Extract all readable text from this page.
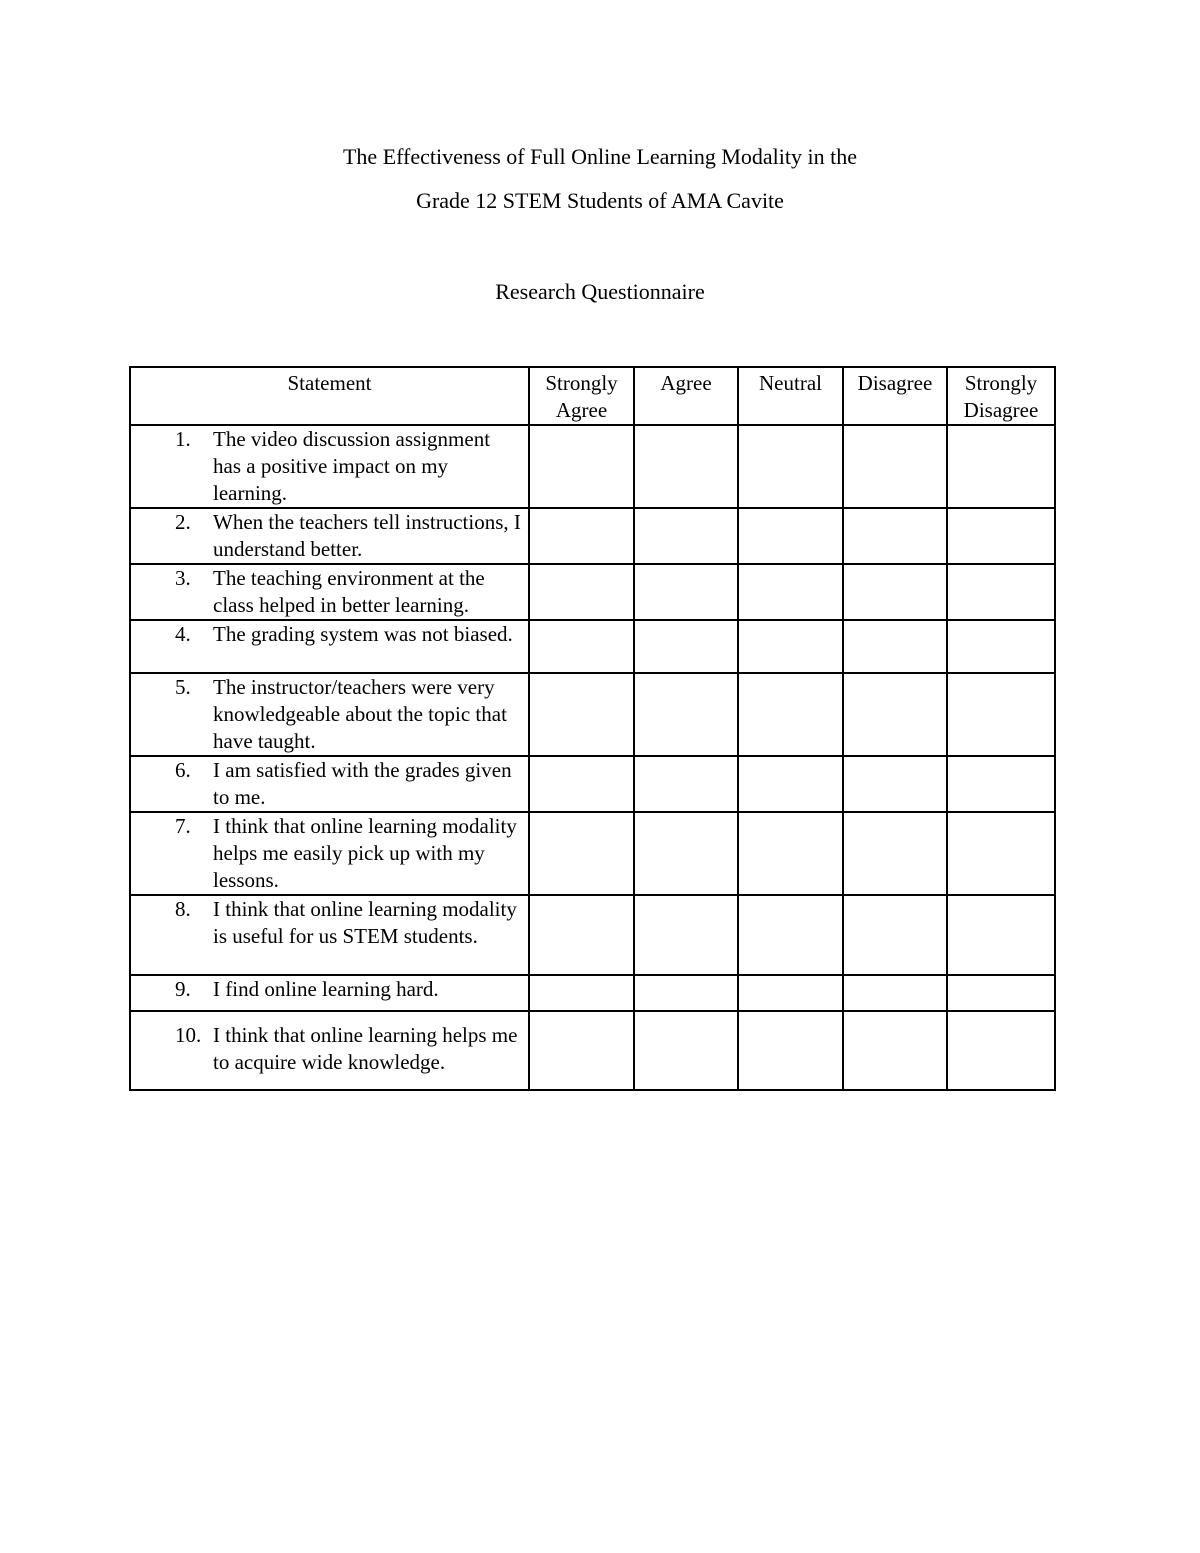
The Effectiveness of Full Online Learning Modality in the
Grade 12 STEM Students of AMA Cavite
Research Questionnaire
Statement	Strongly Agree	Agree	Neutral	Disagree	Strongly Disagree

1. The video discussion assignment has a positive impact on my learning.					

2. When the teachers tell instructions, I understand better.					

3. The teaching environment at the class helped in better learning.					

4. The grading system was not biased.					

5. The instructor/teachers were very knowledgeable about the topic that have taught.					

6. I am satisfied with the grades given to me.					

7. I think that online learning modality helps me easily pick up with my lessons.					

8. I think that online learning modality is useful for us STEM students.					

9. I find online learning hard.					

10. I think that online learning helps me to acquire wide knowledge.					
